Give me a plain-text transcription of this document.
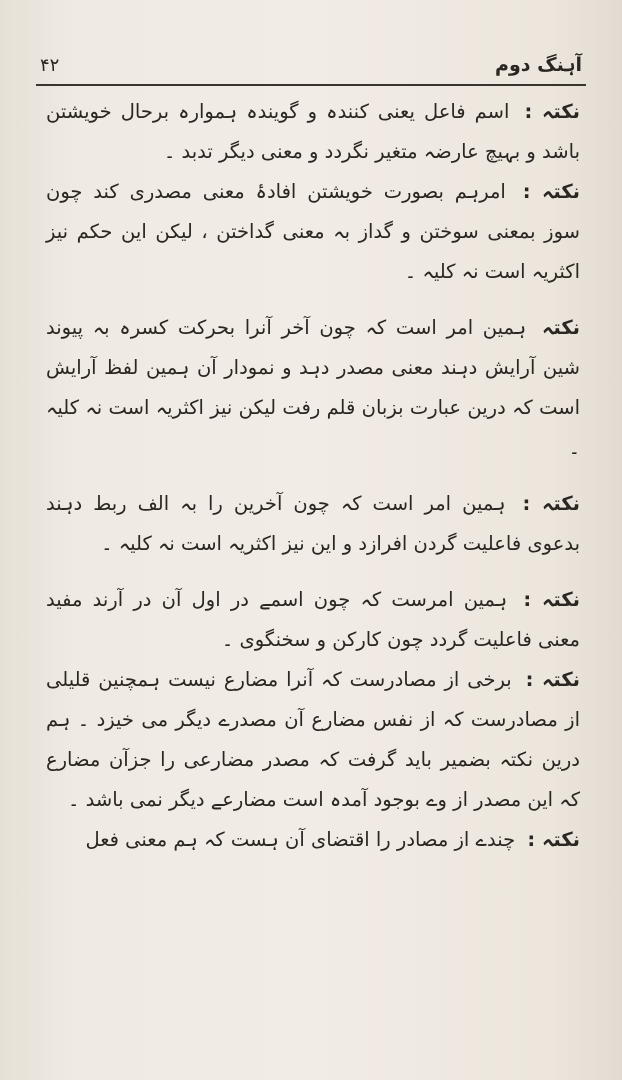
آہنگ دوم
۴۲

نکتہ : اسم فاعل یعنی کنندہ و گویندہ ہموارہ برحال خویشتن باشد و بہیچ عارضہ متغیر نگردد و معنی دیگر تدبد ۔

نکتہ : امرہم بصورت خویشتن افادۂ معنی مصدری کند چون سوز بمعنی سوختن و گداز بہ معنی گداختن ، لیکن این حکم نیز اکثریہ است نہ کلیہ ۔

نکتہ ہمین امر است کہ چون آخر آنرا بحرکت کسرہ بہ پیوند شین آرایش دہند معنی مصدر دہد و نمودار آن ہمین لفظ آرایش است کہ درین عبارت بزبان قلم رفت لیکن نیز اکثریہ است نہ کلیہ ۔

نکتہ : ہمین امر است کہ چون آخرین را بہ الف ربط دہند بدعوی فاعلیت گردن افرازد و این نیز اکثریہ است نہ کلیہ ۔

نکتہ : ہمین امرست کہ چون اسمے در اول آن در آرند مفید معنی فاعلیت گردد چون کارکن و سخنگوی ۔

نکتہ : برخی از مصادرست کہ آنرا مضارع نیست ہمچنین قلیلی از مصادرست کہ از نفس مضارع آن مصدرے دیگر می خیزد ۔ ہم درین نکتہ بضمیر باید گرفت کہ مصدر مضارعی را جزآن مضارع کہ این مصدر از وے بوجود آمدہ است مضارعے دیگر نمی باشد ۔

نکتہ : چندے از مصادر را اقتضای آن ہست کہ ہم معنی فعل
